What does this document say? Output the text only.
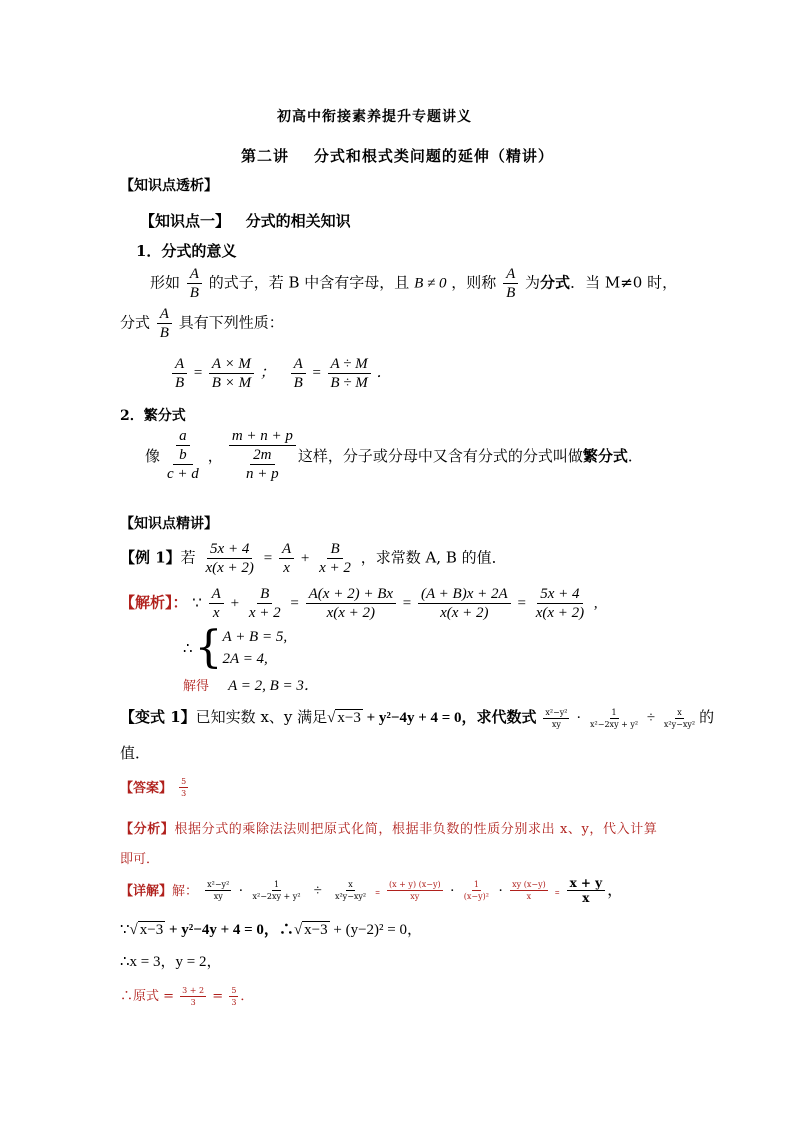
初高中衔接素养提升专题讲义
第二讲    分式和根式类问题的延伸（精讲）
【知识点透析】
【知识点一】   分式的相关知识
1．分式的意义
形如 $\frac{A}{B}$ 的式子，若 B 中含有字母，且 B ≠ 0 ，则称 $\frac{A}{B}$ 为分式．当 M≠0 时，
分式 $\frac{A}{B}$ 具有下列性质：
$\frac{A}{B} = \frac{A \times M}{B \times M}$ ； $\frac{A}{B} = \frac{A \div M}{B \div M}$ ．
2．繁分式
像 $\frac{\frac{a}{b}}{c + d}$ ， $\frac{m + n + p}{\frac{2m}{n + p}}$ 这样，分子或分母中又含有分式的分式叫做 繁分式 ．
【知识点精讲】
【例 1】若 $\frac{5x + 4}{x(x + 2)} = \frac{A}{x} + \frac{B}{x + 2}$ ，求常数 A, B 的值．
【解析】： ∵ $\frac{A}{x} + \frac{B}{x + 2} = \frac{A(x + 2) + Bx}{x(x + 2)} = \frac{(A + B)x + 2A}{x(x + 2)} = \frac{5x + 4}{x(x + 2)}$ ,
∴ { A + B = 5,
2A = 4,
解得 A = 2, B = 3．
【变式 1】已知实数 x、y 满足√ x−3 + y²−4y + 4 = 0，求代数式 $\frac{\text{x²−y²}}{xy} \cdot \frac{1}{\text{x²−2xy + y²}} \div \frac{x}{\text{x²y−xy²}}$ 的
值．
【答案】 $\frac{5}{3}$
【分析】根据分式的乘除法法则把原式化简，根据非负数的性质分别求出 x、y，代入计算
即可．
【详解】解： $\frac{\text{x²−y²}}{xy} \cdot \frac{1}{\text{x²−2xy + y²}} \div \frac{x}{\text{x²y−xy²}} = \frac{(x + y) (x-y)}{xy} \cdot \frac{1}{\text{(x−y)²}} \cdot \frac{xy (x-y)}{x} = \frac{x + y}{x}$ ，
∵√ x−3 + y²−4y + 4 = 0，∴√ x−3 + (y−2)² = 0，
∴x = 3，y = 2，
∴原式 = $\frac{3 + 2}{3} = \frac{5}{3}$ ．
